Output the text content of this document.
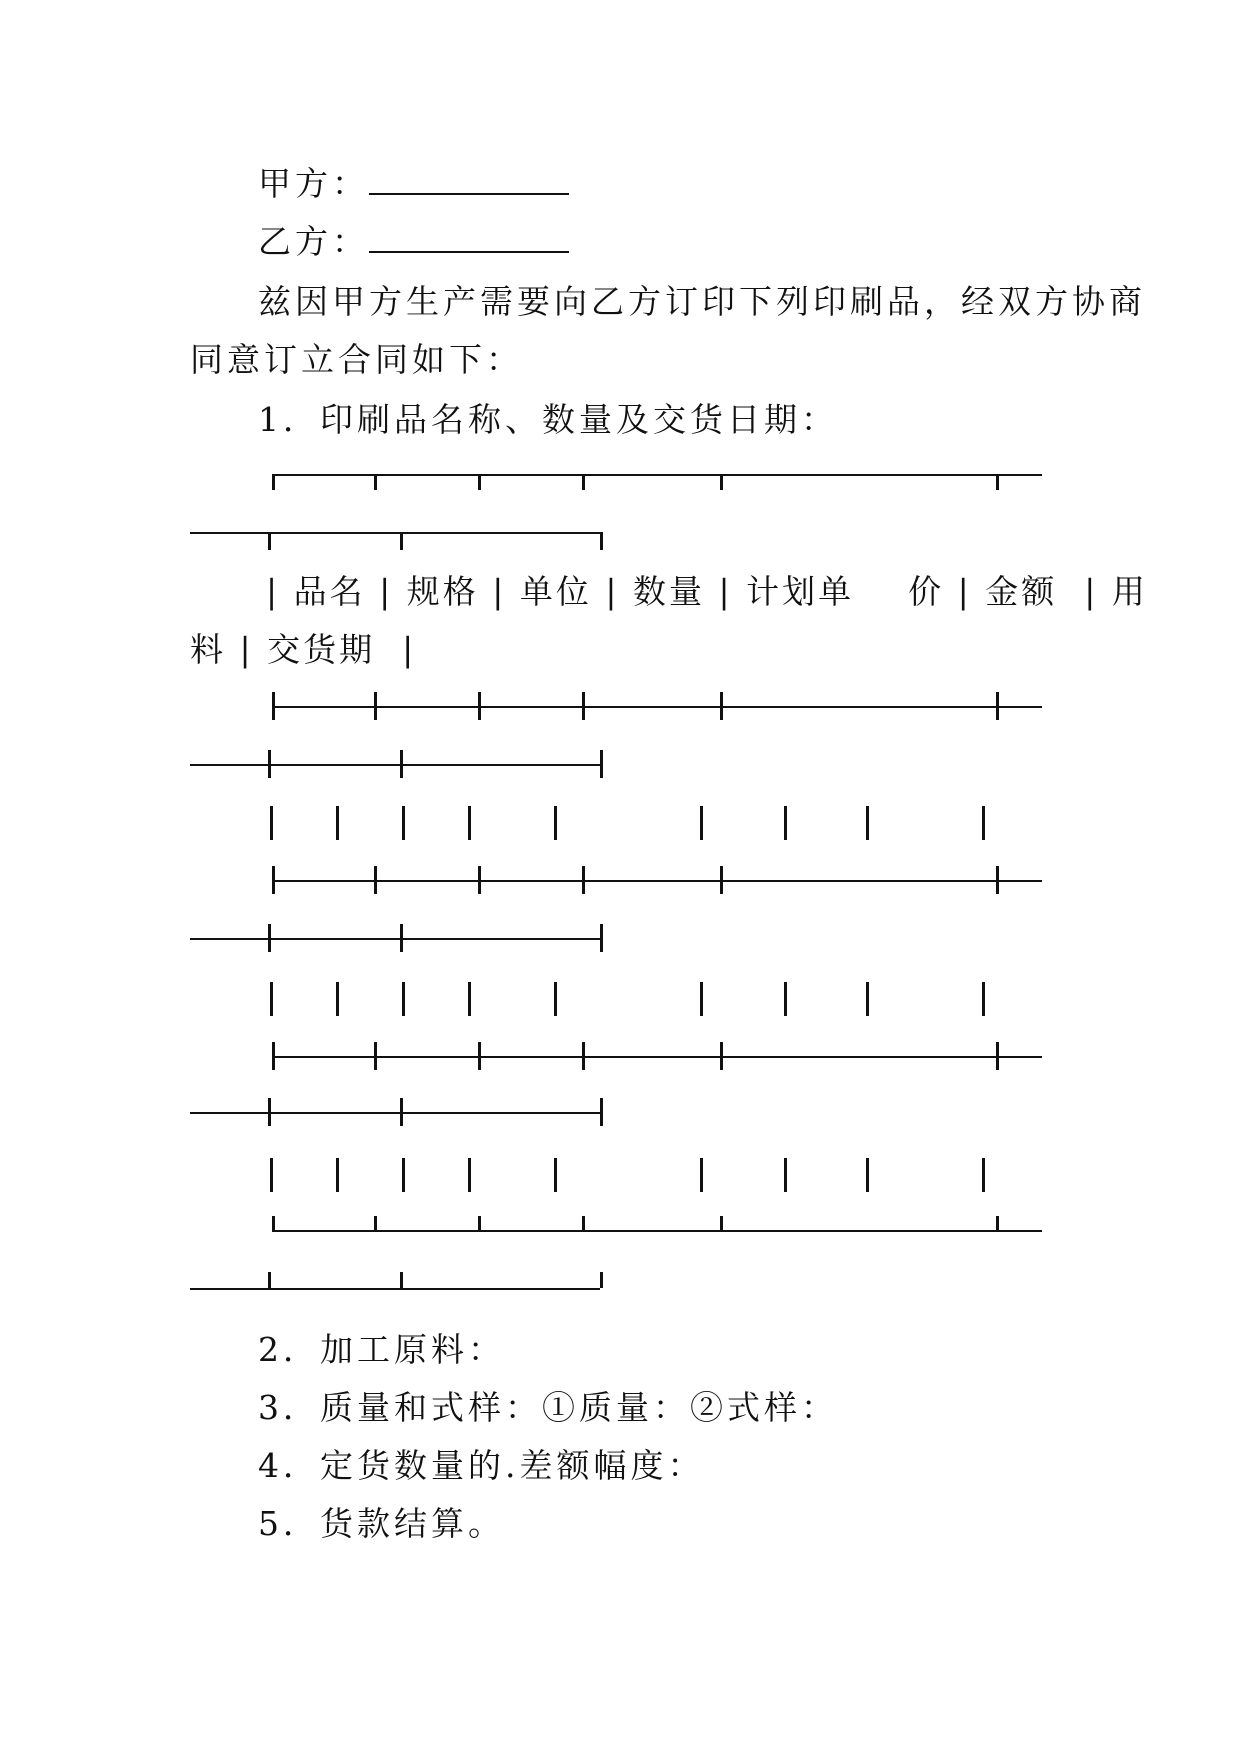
甲方：
乙方：
兹因甲方生产需要向乙方订印下列印刷品，经双方协商
同意订立合同如下：
1．印刷品名称、数量及交货日期：
| 品名 | 规格 | 单位 | 数量 | 计划单 价 | 金额  | 用
料 | 交货期  |
2．加工原料：
3．质量和式样：①质量：②式样：
4．定货数量的.差额幅度：
5．货款结算。
